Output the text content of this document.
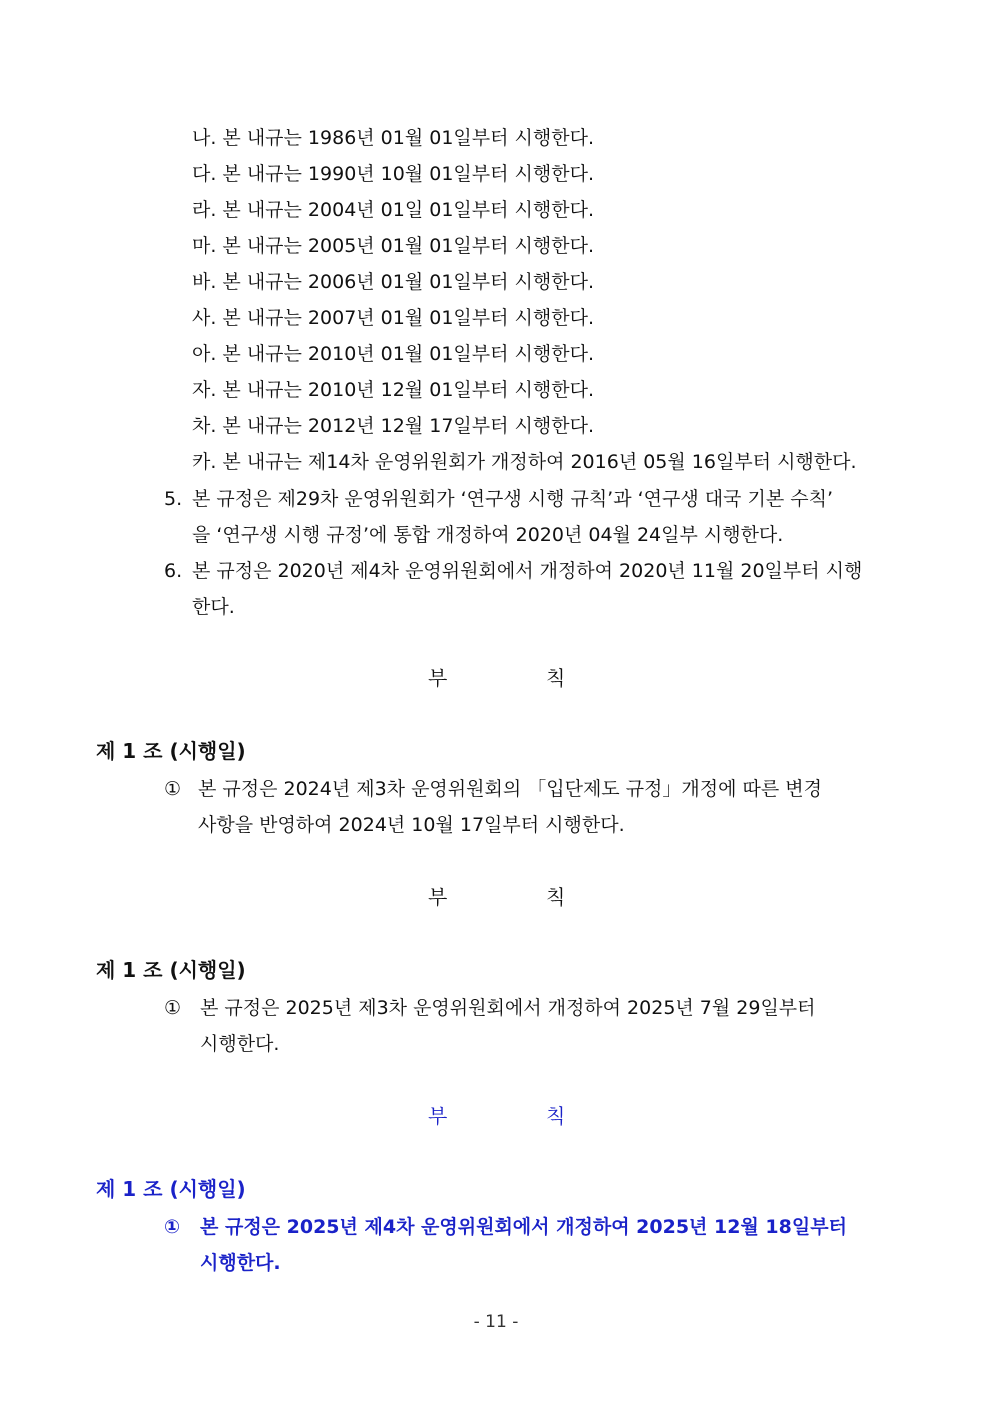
나. 본 내규는 1986년 01월 01일부터 시행한다.
다. 본 내규는 1990년 10월 01일부터 시행한다.
라. 본 내규는 2004년 01일 01일부터 시행한다.
마. 본 내규는 2005년 01월 01일부터 시행한다.
바. 본 내규는 2006년 01월 01일부터 시행한다.
사. 본 내규는 2007년 01월 01일부터 시행한다.
아. 본 내규는 2010년 01월 01일부터 시행한다.
자. 본 내규는 2010년 12월 01일부터 시행한다.
차. 본 내규는 2012년 12월 17일부터 시행한다.
카. 본 내규는 제14차 운영위원회가 개정하여 2016년 05월 16일부터 시행한다.
5. 본 규정은 제29차 운영위원회가 ‘연구생 시행 규칙’과 ‘연구생 대국 기본 수칙’
을 ‘연구생 시행 규정’에 통합 개정하여 2020년 04월 24일부 시행한다.
6. 본 규정은 2020년 제4차 운영위원회에서 개정하여 2020년 11월 20일부터 시행
한다.
부	칙
제 1 조 (시행일)
① 본 규정은 2024년 제3차 운영위원회의 「입단제도 규정」개정에 따른 변경
사항을 반영하여 2024년 10월 17일부터 시행한다.
부	칙
제 1 조 (시행일)
① 본 규정은 2025년 제3차 운영위원회에서 개정하여 2025년 7월 29일부터
시행한다.
부	칙
제 1 조 (시행일)
① 본 규정은 2025년 제4차 운영위원회에서 개정하여 2025년 12월 18일부터
시행한다.
- 11 -
